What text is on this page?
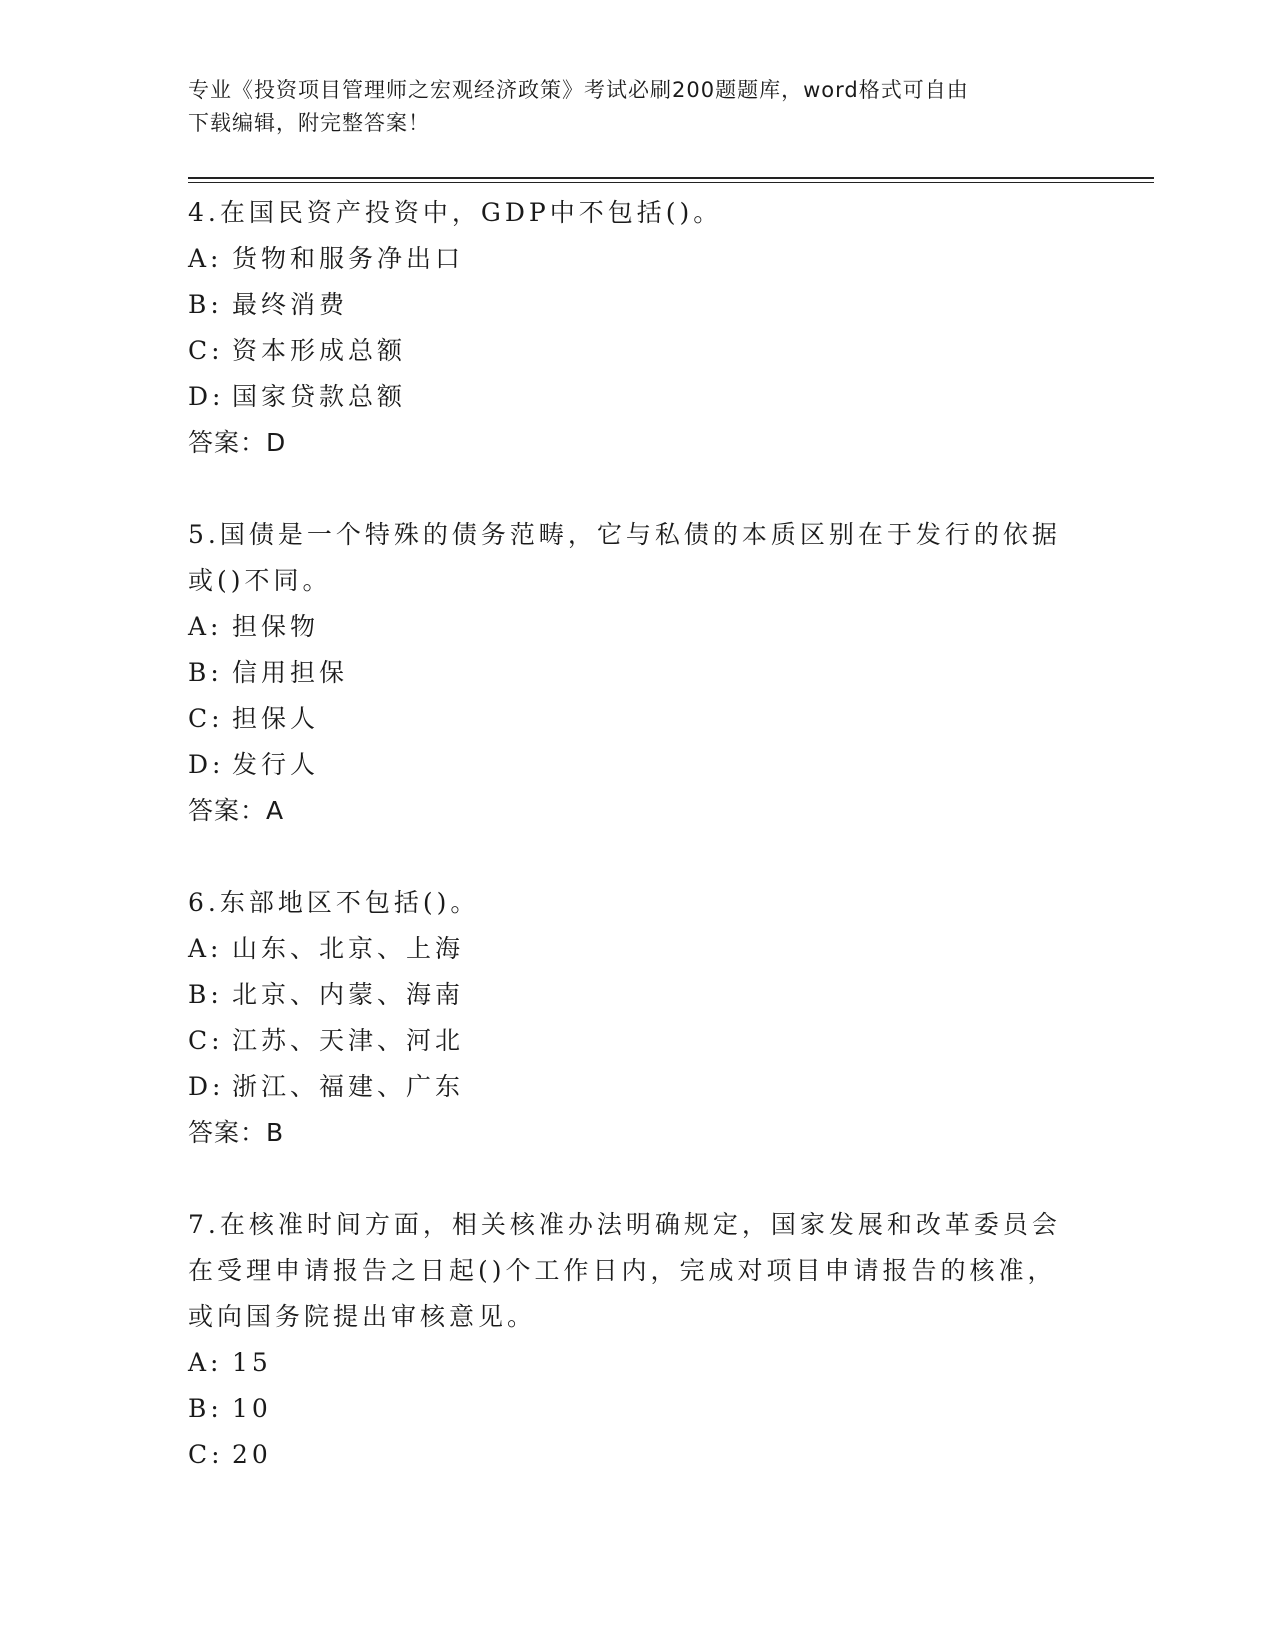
专业《投资项目管理师之宏观经济政策》考试必刷200题题库，word格式可自由
下载编辑，附完整答案！
4.在国民资产投资中，GDP中不包括()。
A: 货物和服务净出口
B: 最终消费
C: 资本形成总额
D: 国家贷款总额
答案：D
5.国债是一个特殊的债务范畴，它与私债的本质区别在于发行的依据或()不同。
A: 担保物
B: 信用担保
C: 担保人
D: 发行人
答案：A
6.东部地区不包括()。
A: 山东、北京、上海
B: 北京、内蒙、海南
C: 江苏、天津、河北
D: 浙江、福建、广东
答案：B
7.在核准时间方面，相关核准办法明确规定，国家发展和改革委员会在受理申请报告之日起()个工作日内，完成对项目申请报告的核准，或向国务院提出审核意见。
A: 15
B: 10
C: 20
